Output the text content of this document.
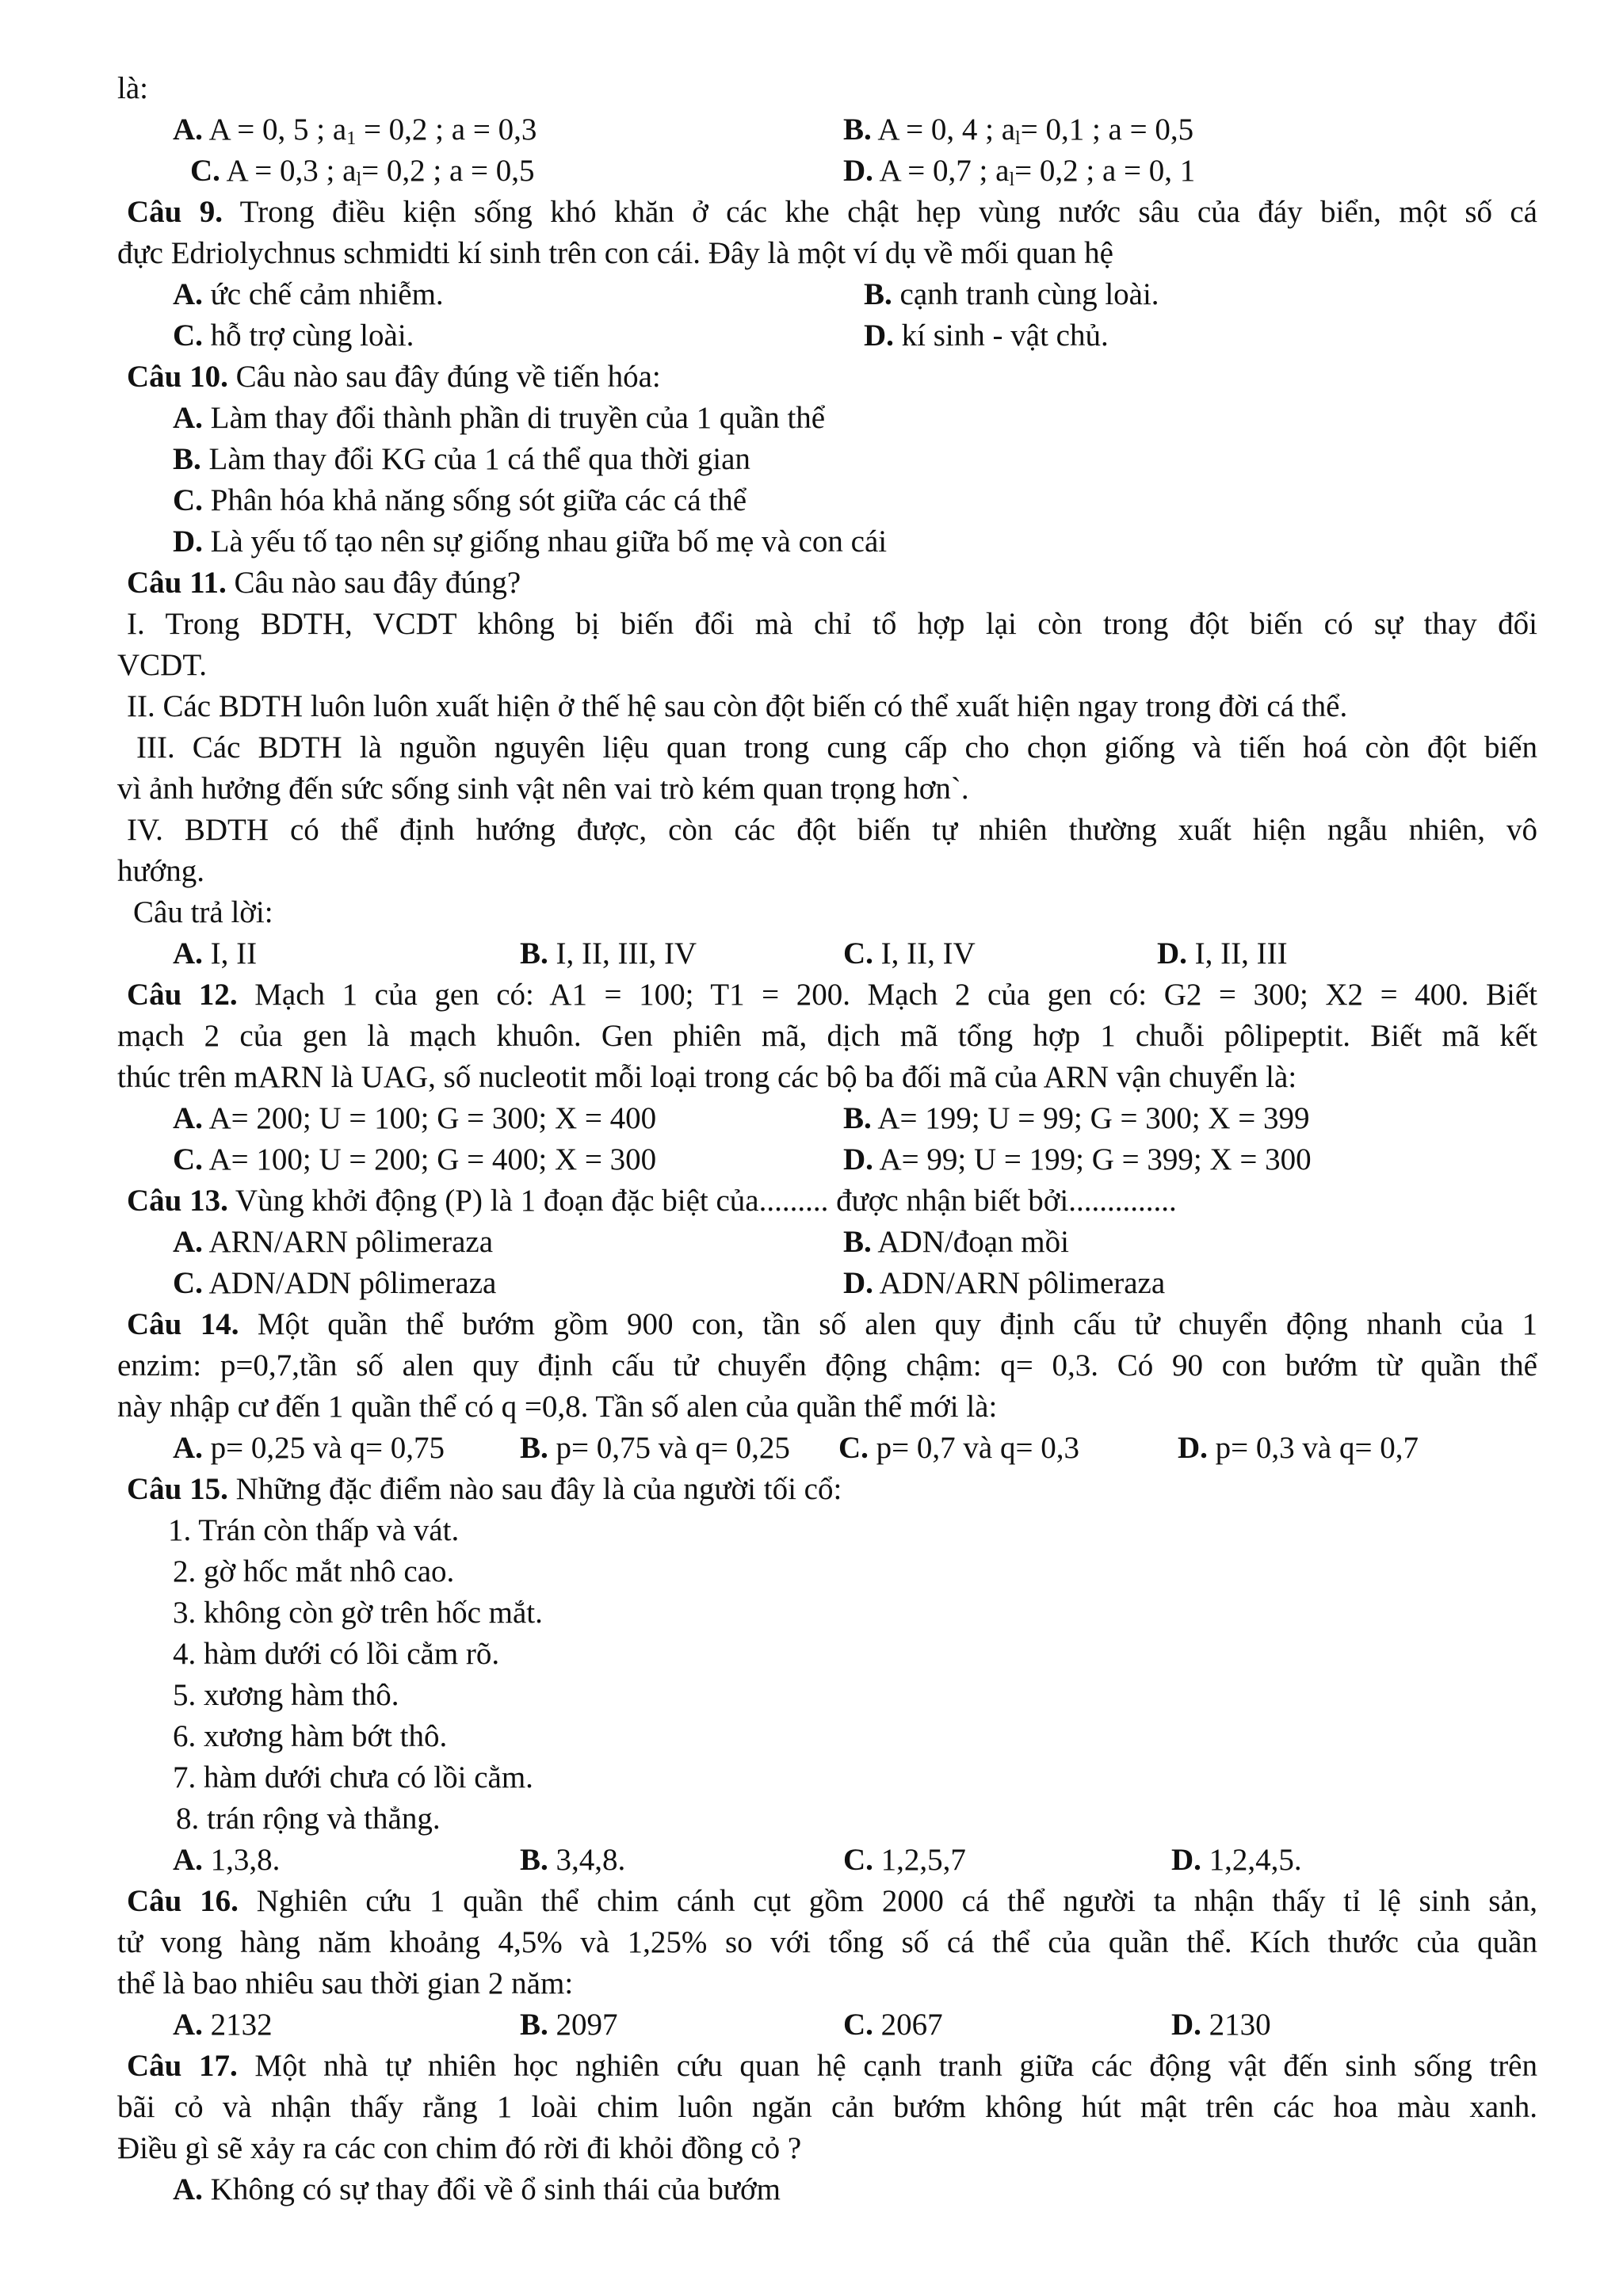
là:
A. A = 0, 5 ; $a_1 = 0,2$ ; a = 0,3	B. A = 0, 4 ; $a_l= 0,1$ ; a = 0,5
C. A = 0,3 ; $a_l= 0,2$ ; a = 0,5	D. A = 0,7 ; $a_l= 0,2$ ; a = 0, 1
Câu 9. Trong điều kiện sống khó khăn ở các khe chật hẹp vùng nước sâu của đáy biển, một số cá
đực Edriolychnus schmidti kí sinh trên con cái. Đây là một ví dụ về mối quan hệ
A. ức chế cảm nhiễm.	B. cạnh tranh cùng loài.
C. hỗ trợ cùng loài.	D. kí sinh - vật chủ.
Câu 10. Câu nào sau đây đúng về tiến hóa:
A. Làm thay đổi thành phần di truyền của 1 quần thể
B. Làm thay đổi KG của 1 cá thể qua thời gian
C. Phân hóa khả năng sống sót giữa các cá thể
D. Là yếu tố tạo nên sự giống nhau giữa bố mẹ và con cái
Câu 11. Câu nào sau đây đúng?
I. Trong BDTH, VCDT không bị biến đổi mà chỉ tổ hợp lại còn trong đột biến có sự thay đổi
VCDT.
II. Các BDTH luôn luôn xuất hiện ở thế hệ sau còn đột biến có thể xuất hiện ngay trong đời cá thể.
III. Các BDTH là nguồn nguyên liệu quan trong cung cấp cho chọn giống và tiến hoá còn đột biến
vì ảnh hưởng đến sức sống sinh vật nên vai trò kém quan trọng hơn`.
IV. BDTH có thể định hướng được, còn các đột biến tự nhiên thường xuất hiện ngẫu nhiên, vô
hướng.
Câu trả lời:
A. I, II	B. I, II, III, IV	C. I, II, IV	D. I, II, III
Câu 12. Mạch 1 của gen có: A1 = 100; T1 = 200. Mạch 2 của gen có: G2 = 300; X2 = 400. Biết
mạch 2 của gen là mạch khuôn. Gen phiên mã, dịch mã tổng hợp 1 chuỗi pôlipeptit. Biết mã kết
thúc trên mARN là UAG, số nucleotit mỗi loại trong các bộ ba đối mã của ARN vận chuyển là:
A. A= 200; U = 100; G = 300; X = 400	B. A= 199; U = 99; G = 300; X = 399
C. A= 100; U = 200; G = 400; X = 300	D. A= 99; U = 199; G = 399; X = 300
Câu 13. Vùng khởi động (P) là 1 đoạn đặc biệt của......... được nhận biết bởi..............
A. ARN/ARN pôlimeraza	B. ADN/đoạn mồi
C. ADN/ADN pôlimeraza	D. ADN/ARN pôlimeraza
Câu 14. Một quần thể bướm gồm 900 con, tần số alen quy định cấu tử chuyển động nhanh của 1
enzim: p=0,7,tần số alen quy định cấu tử chuyển động chậm: q= 0,3. Có 90 con bướm từ quần thể
này nhập cư đến 1 quần thể có q =0,8. Tần số alen của quần thể mới là:
A. p= 0,25 và q= 0,75 B. p= 0,75 và q= 0,25 C. p= 0,7 và q= 0,3	D. p= 0,3 và q= 0,7
Câu 15. Những đặc điểm nào sau đây là của người tối cổ:
1. Trán còn thấp và vát.
2. gờ hốc mắt nhô cao.
3. không còn gờ trên hốc mắt.
4. hàm dưới có lồi cằm rõ.
5. xương hàm thô.
6. xương hàm bớt thô.
7. hàm dưới chưa có lồi cằm.
8. trán rộng và thẳng.
A. 1,3,8.	B. 3,4,8.	C. 1,2,5,7	D. 1,2,4,5.
Câu 16. Nghiên cứu 1 quần thể chim cánh cụt gồm 2000 cá thể người ta nhận thấy tỉ lệ sinh sản,
tử vong hàng năm khoảng 4,5% và 1,25% so với tổng số cá thể của quần thể. Kích thước của quần
thể là bao nhiêu sau thời gian 2 năm:
A. 2132	B. 2097	C. 2067	D. 2130
Câu 17. Một nhà tự nhiên học nghiên cứu quan hệ cạnh tranh giữa các động vật đến sinh sống trên
bãi cỏ và nhận thấy rằng 1 loài chim luôn ngăn cản bướm không hút mật trên các hoa màu xanh.
Điều gì sẽ xảy ra các con chim đó rời đi khỏi đồng cỏ ?
A. Không có sự thay đổi về ổ sinh thái của bướm
